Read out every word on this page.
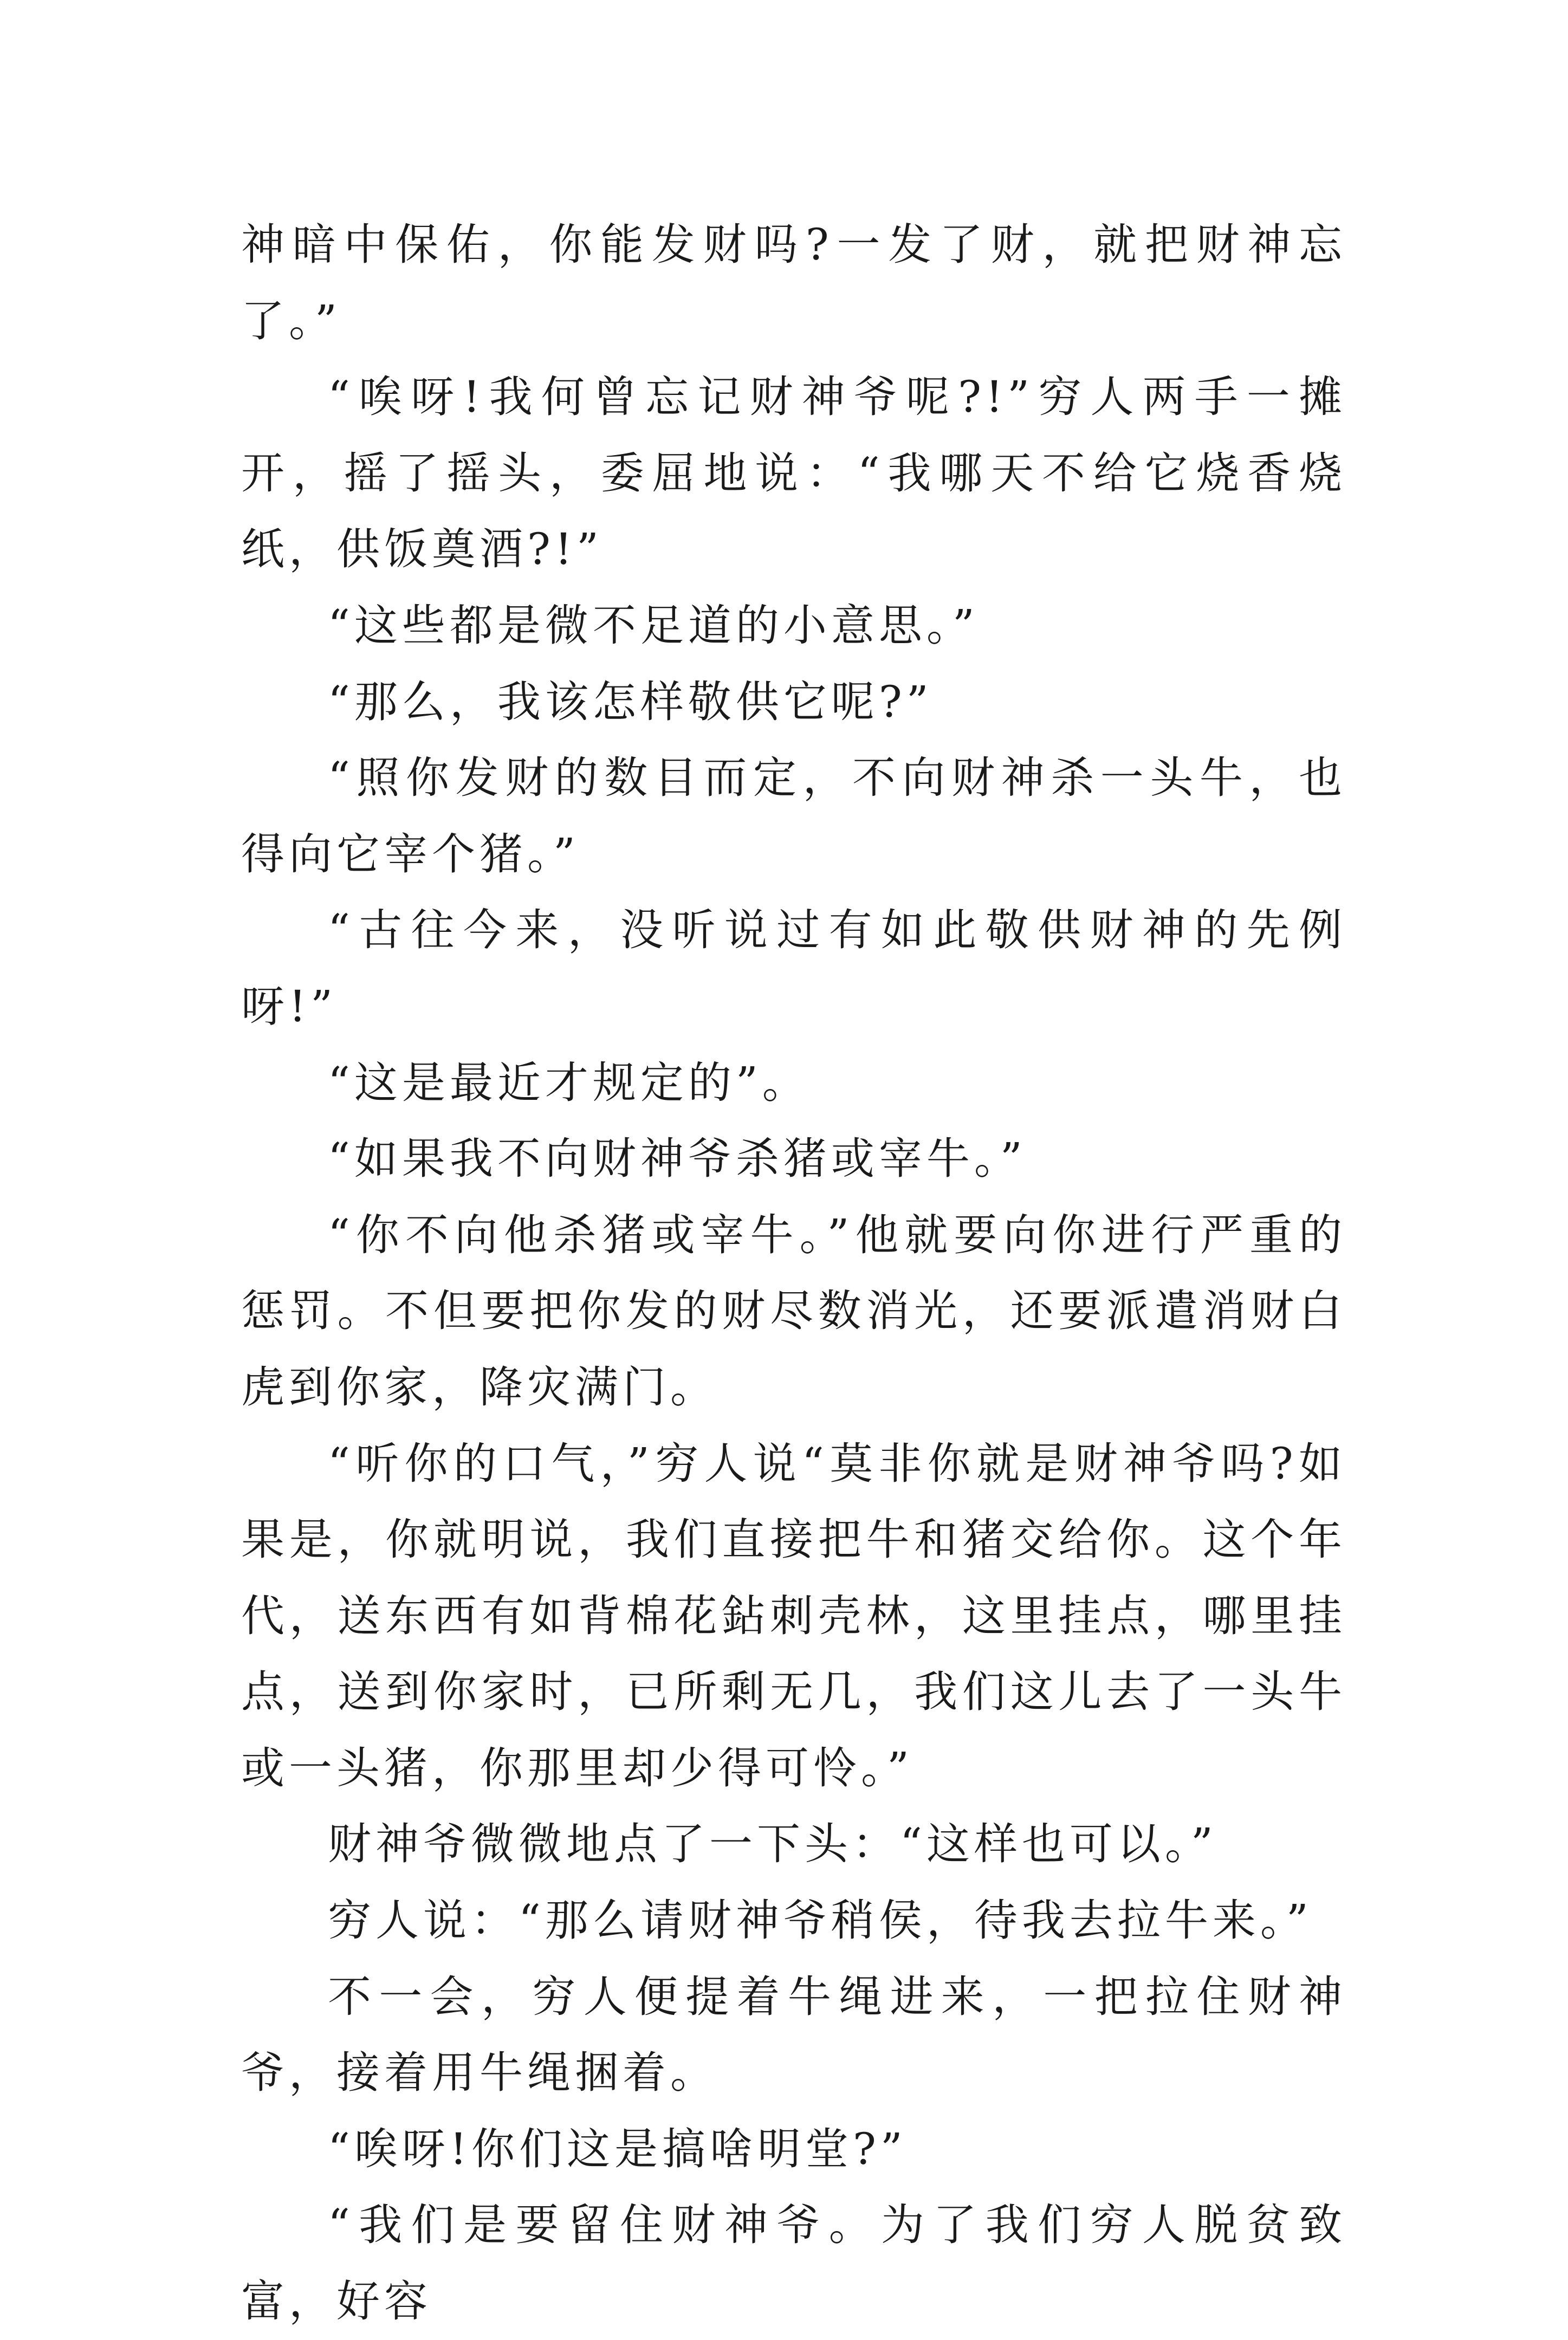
神暗中保佑，你能发财吗?一发了财，就把财神忘了。”

“唉呀!我何曾忘记财神爷呢?!”穷人两手一摊开，摇了摇头，委屈地说：“我哪天不给它烧香烧纸，供饭奠酒?!”

“这些都是微不足道的小意思。”

“那么，我该怎样敬供它呢?”

“照你发财的数目而定，不向财神杀一头牛，也得向它宰个猪。”

“古往今来，没听说过有如此敬供财神的先例呀!”

“这是最近才规定的”。

“如果我不向财神爷杀猪或宰牛。”

“你不向他杀猪或宰牛。”他就要向你进行严重的惩罚。不但要把你发的财尽数消光，还要派遣消财白虎到你家，降灾满门。

“听你的口气，”穷人说“莫非你就是财神爷吗?如果是，你就明说，我们直接把牛和猪交给你。这个年代，送东西有如背棉花鉆刺壳林，这里挂点，哪里挂点，送到你家时，已所剩无几，我们这儿去了一头牛或一头猪，你那里却少得可怜。”

财神爷微微地点了一下头：“这样也可以。”

穷人说：“那么请财神爷稍侯，待我去拉牛来。”

不一会，穷人便提着牛绳进来，一把拉住财神爷，接着用牛绳捆着。

“唉呀!你们这是搞啥明堂?”

“我们是要留住财神爷。为了我们穷人脱贫致富，好容
